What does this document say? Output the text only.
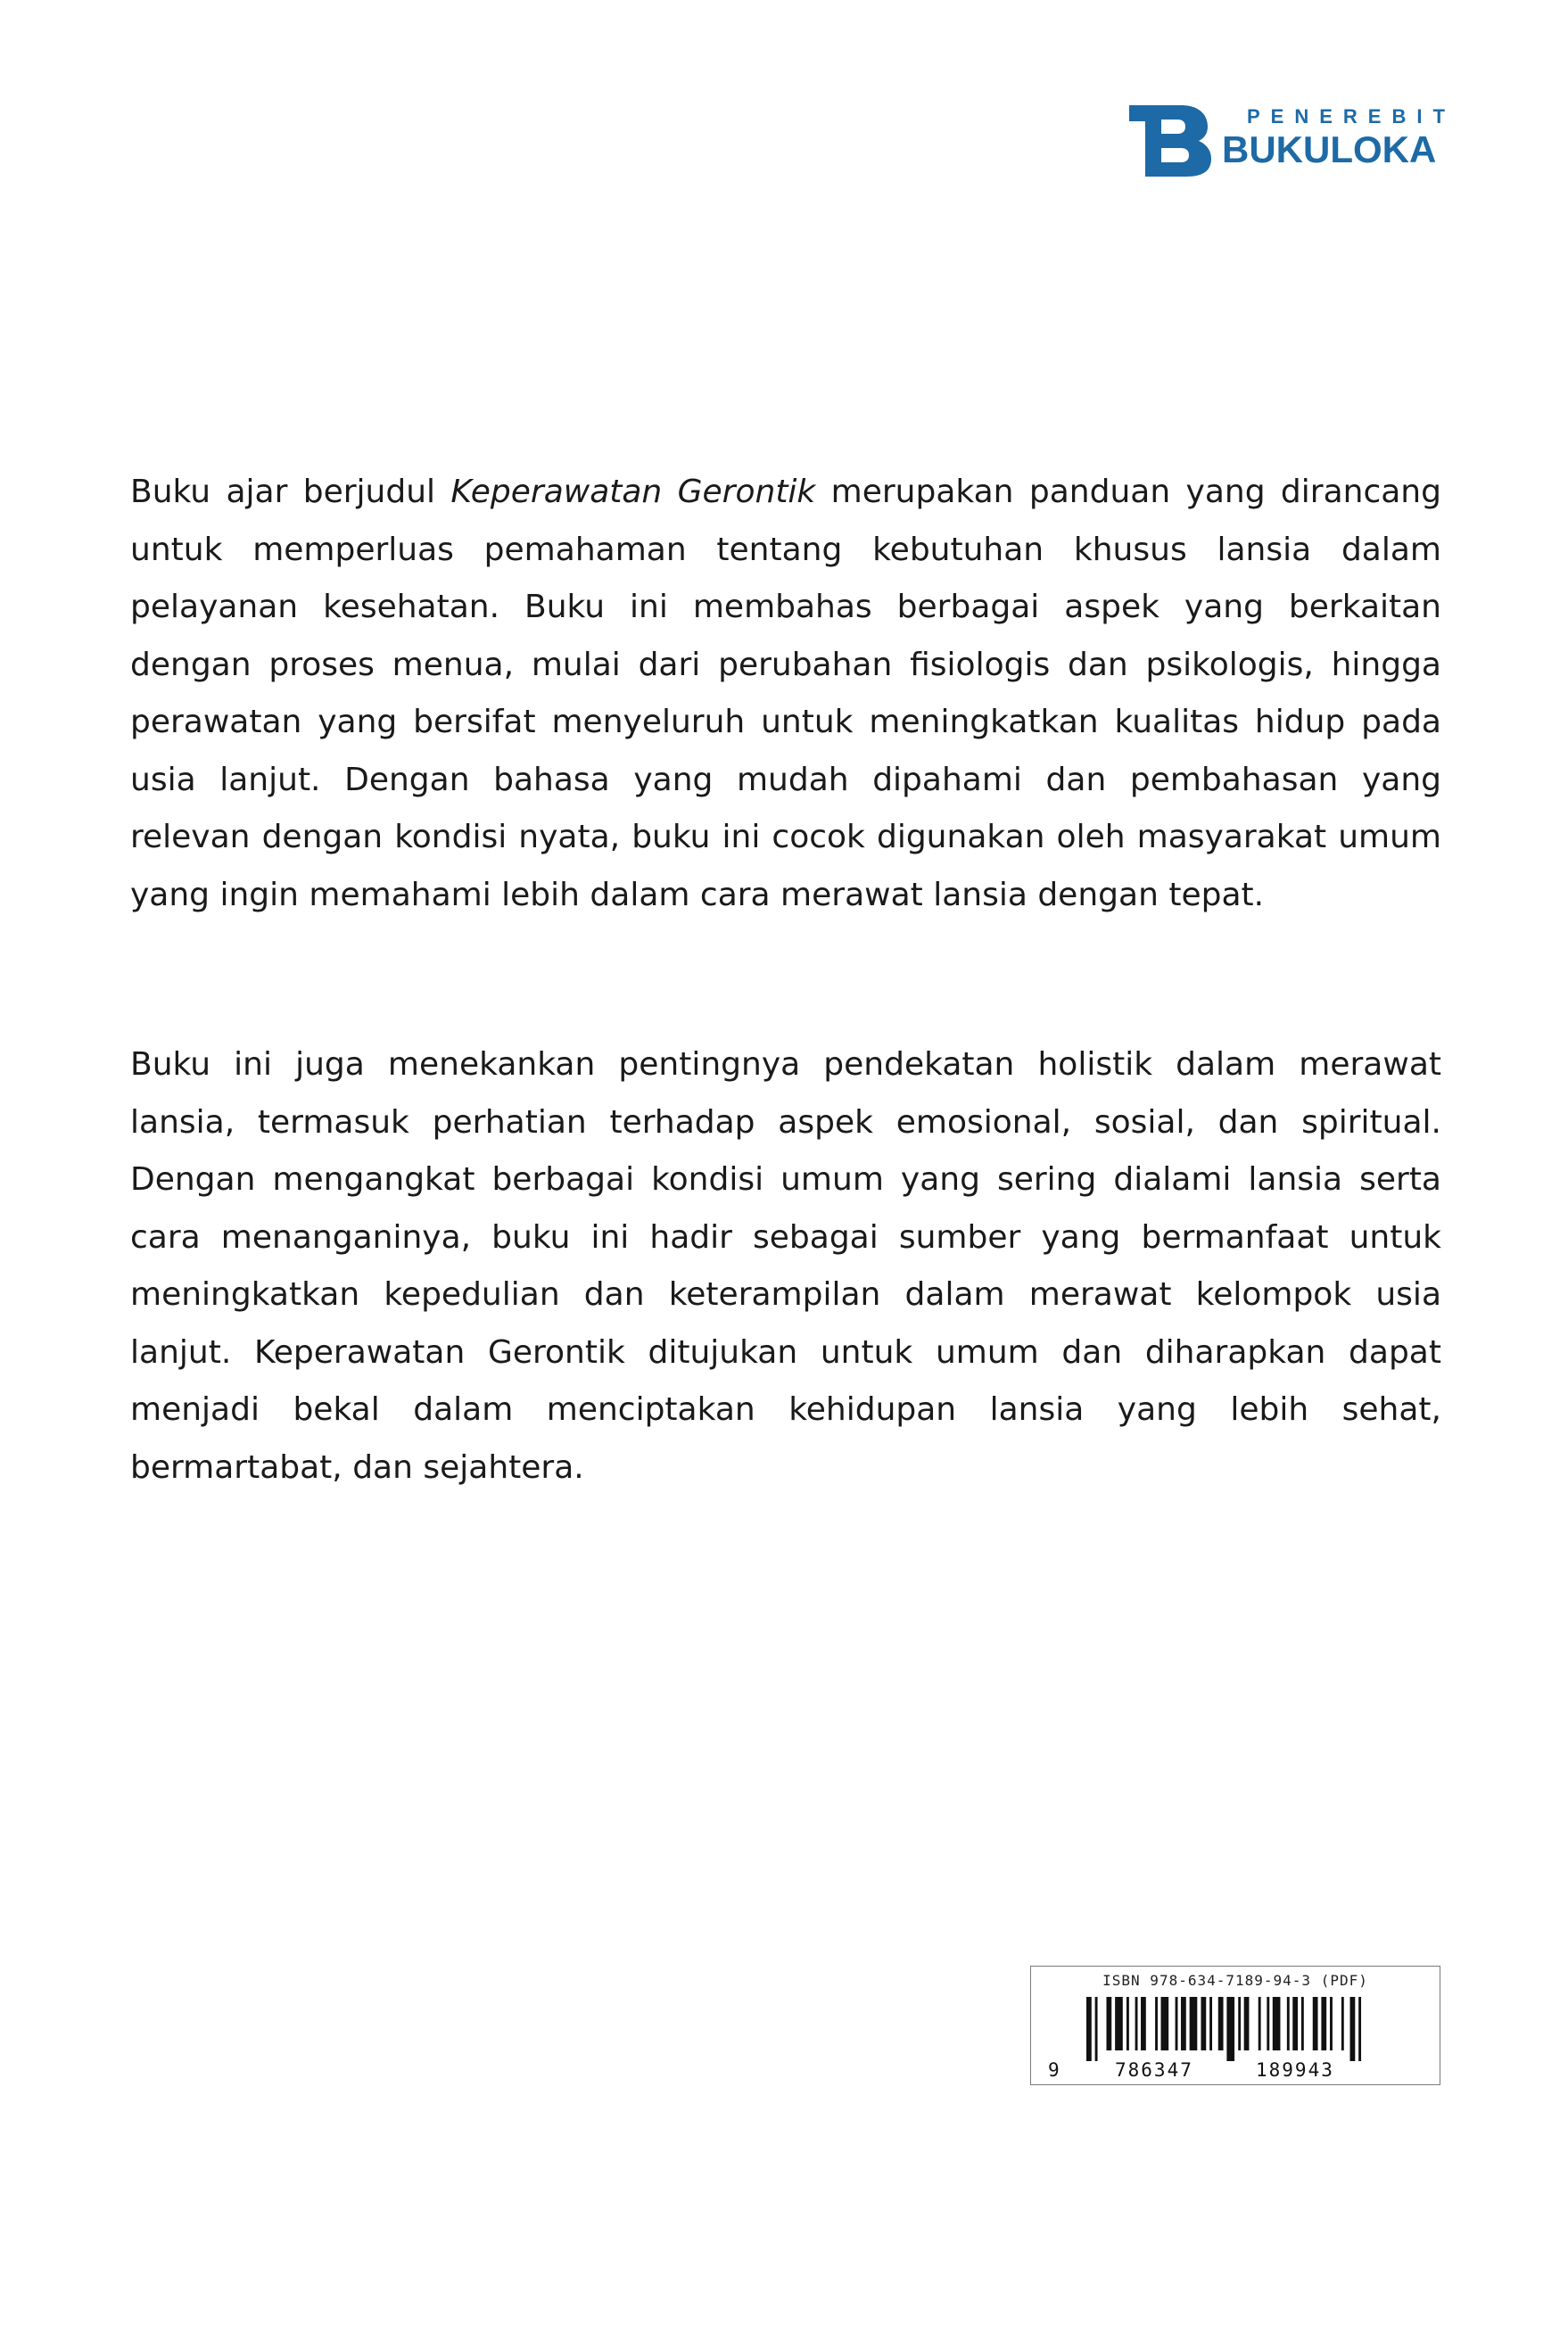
PENEREBIT
BUKULOKA

Buku ajar berjudul Keperawatan Gerontik merupakan panduan yang dirancang untuk memperluas pemahaman tentang kebutuhan khusus lansia dalam pelayanan kesehatan. Buku ini membahas berbagai aspek yang berkaitan dengan proses menua, mulai dari perubahan fisiologis dan psikologis, hingga perawatan yang bersifat menyeluruh untuk meningkatkan kualitas hidup pada usia lanjut. Dengan bahasa yang mudah dipahami dan pembahasan yang relevan dengan kondisi nyata, buku ini cocok digunakan oleh masyarakat umum yang ingin memahami lebih dalam cara merawat lansia dengan tepat.

Buku ini juga menekankan pentingnya pendekatan holistik dalam merawat lansia, termasuk perhatian terhadap aspek emosional, sosial, dan spiritual. Dengan mengangkat berbagai kondisi umum yang sering dialami lansia serta cara menanganinya, buku ini hadir sebagai sumber yang bermanfaat untuk meningkatkan kepedulian dan keterampilan dalam merawat kelompok usia lanjut. Keperawatan Gerontik ditujukan untuk umum dan diharapkan dapat menjadi bekal dalam menciptakan kehidupan lansia yang lebih sehat, bermartabat, dan sejahtera.

ISBN 978-634-7189-94-3 (PDF)
9	786347	189943
